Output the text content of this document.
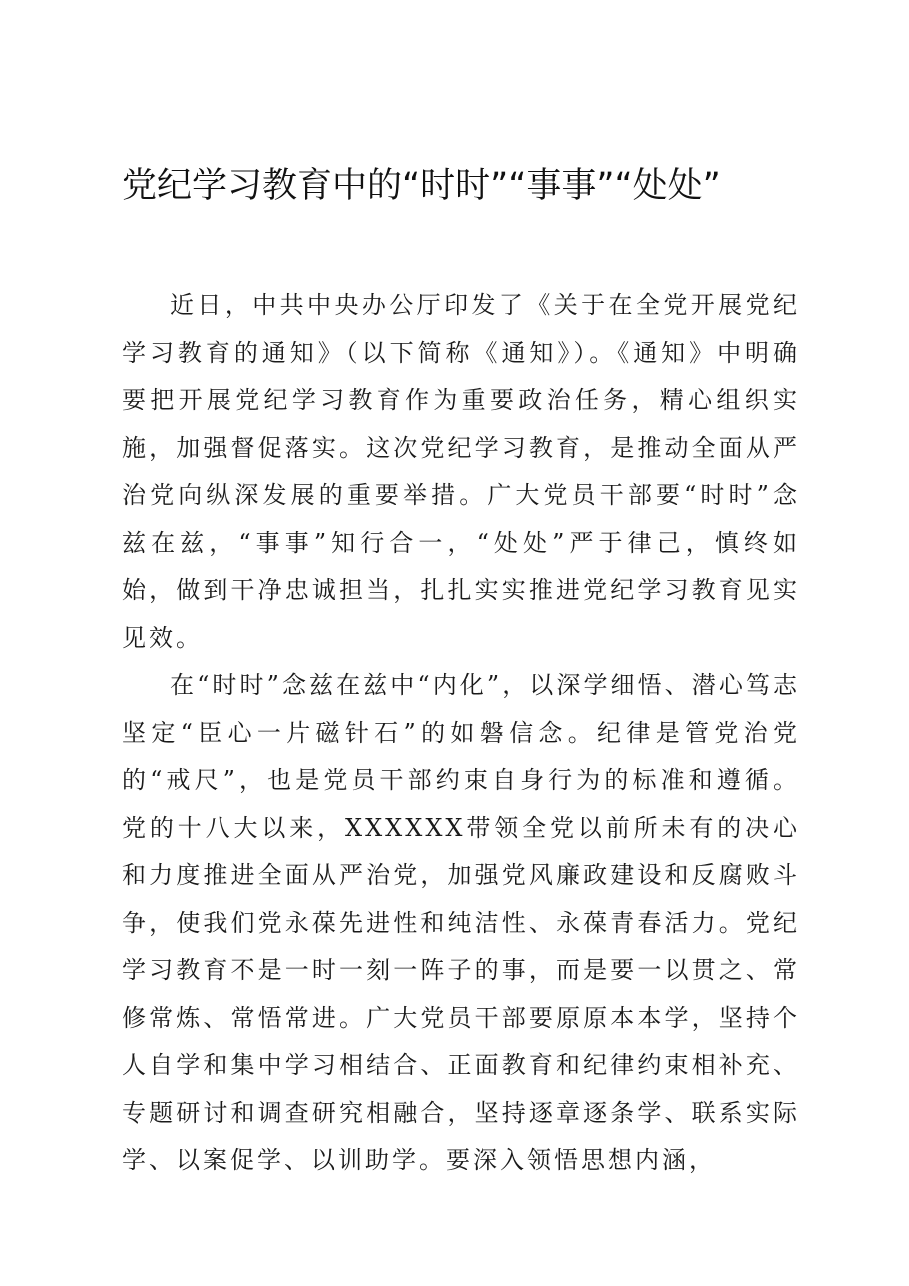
党纪学习教育中的“时时”“事事”“处处”

近日，中共中央办公厅印发了《关于在全党开展党纪学习教育的通知》（以下简称《通知》）。《通知》中明确要把开展党纪学习教育作为重要政治任务，精心组织实施，加强督促落实。这次党纪学习教育，是推动全面从严治党向纵深发展的重要举措。广大党员干部要“时时”念兹在兹，“事事”知行合一，“处处”严于律己，慎终如始，做到干净忠诚担当，扎扎实实推进党纪学习教育见实见效。

在“时时”念兹在兹中“内化”，以深学细悟、潜心笃志坚定“臣心一片磁针石”的如磐信念。纪律是管党治党的“戒尺”，也是党员干部约束自身行为的标准和遵循。党的十八大以来，XXXXXX带领全党以前所未有的决心和力度推进全面从严治党，加强党风廉政建设和反腐败斗争，使我们党永葆先进性和纯洁性、永葆青春活力。党纪学习教育不是一时一刻一阵子的事，而是要一以贯之、常修常炼、常悟常进。广大党员干部要原原本本学，坚持个人自学和集中学习相结合、正面教育和纪律约束相补充、专题研讨和调查研究相融合，坚持逐章逐条学、联系实际学、以案促学、以训助学。要深入领悟思想内涵，
